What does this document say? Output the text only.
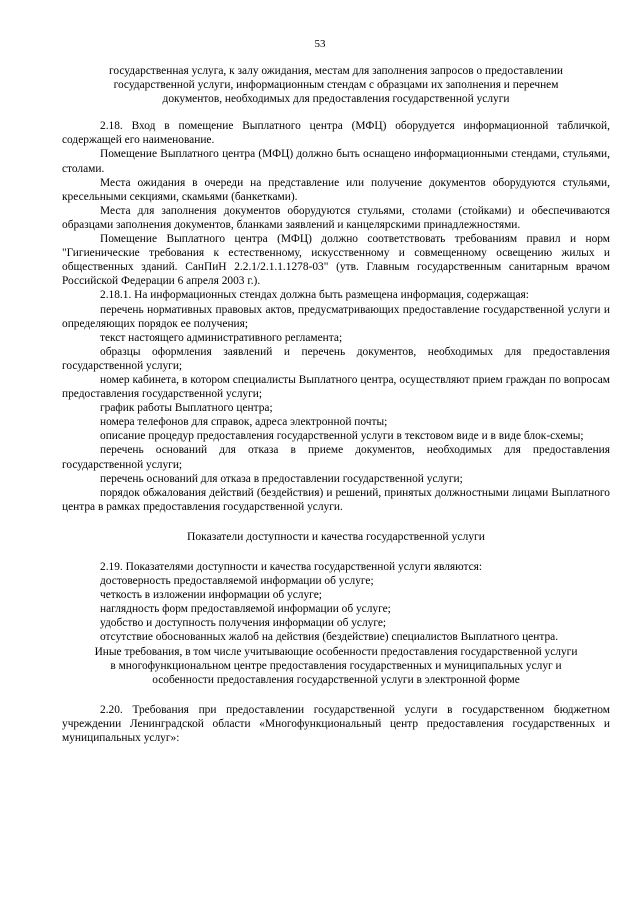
53

государственная услуга, к залу ожидания, местам для заполнения запросов о предоставлении

государственной услуги, информационным стендам с образцами их заполнения и перечнем

документов, необходимых для предоставления государственной услуги

2.18. Вход в помещение Выплатного центра (МФЦ) оборудуется информационной табличкой, содержащей его наименование.

Помещение Выплатного центра (МФЦ) должно быть оснащено информационными стендами, стульями, столами.

Места ожидания в очереди на представление или получение документов оборудуются стульями, кресельными секциями, скамьями (банкетками).

Места для заполнения документов оборудуются стульями, столами (стойками) и обеспечиваются образцами заполнения документов, бланками заявлений и канцелярскими принадлежностями.

Помещение Выплатного центра (МФЦ) должно соответствовать требованиям правил и норм "Гигиенические требования к естественному, искусственному и совмещенному освещению жилых и общественных зданий. СанПиН 2.2.1/2.1.1.1278-03" (утв. Главным государственным санитарным врачом Российской Федерации 6 апреля 2003 г.).

2.18.1. На информационных стендах должна быть размещена информация, содержащая:

перечень нормативных правовых актов, предусматривающих предоставление государственной услуги и определяющих порядок ее получения;

текст настоящего административного регламента;

образцы оформления заявлений и перечень документов, необходимых для предоставления государственной услуги;

номер кабинета, в котором специалисты Выплатного центра, осуществляют прием граждан по вопросам предоставления государственной услуги;

график работы Выплатного центра;

номера телефонов для справок, адреса электронной почты;

описание процедур предоставления государственной услуги в текстовом виде и в виде блок-схемы;

перечень оснований для отказа в приеме документов, необходимых для предоставления государственной услуги;

перечень оснований для отказа в предоставлении государственной услуги;

порядок обжалования действий (бездействия) и решений, принятых должностными лицами Выплатного центра в рамках предоставления государственной услуги.

Показатели доступности и качества государственной услуги

2.19. Показателями доступности и качества государственной услуги являются:

достоверность предоставляемой информации об услуге;

четкость в изложении информации об услуге;

наглядность форм предоставляемой информации об услуге;

удобство и доступность получения информации об услуге;

отсутствие обоснованных жалоб на действия (бездействие) специалистов Выплатного центра.

Иные требования, в том числе учитывающие особенности предоставления государственной услуги

в многофункциональном центре предоставления государственных и муниципальных услуг и

особенности предоставления государственной услуги в электронной форме

2.20. Требования при предоставлении государственной услуги в государственном бюджетном учреждении Ленинградской области «Многофункциональный центр предоставления государственных и муниципальных услуг»:
